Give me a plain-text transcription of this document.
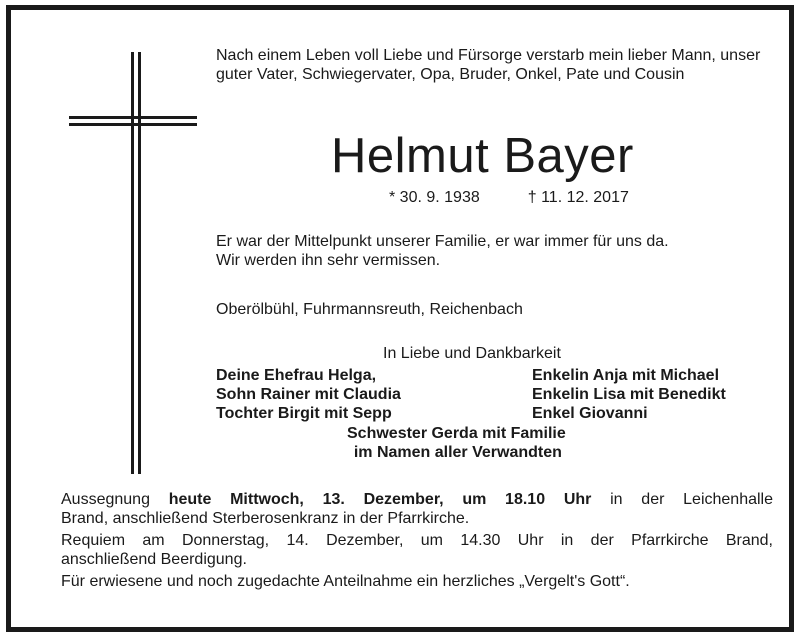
Nach einem Leben voll Liebe und Fürsorge verstarb mein lieber Mann, unser guter Vater, Schwiegervater, Opa, Bruder, Onkel, Pate und Cousin
Helmut Bayer
* 30. 9. 1938	† 11. 12. 2017
Er war der Mittelpunkt unserer Familie, er war immer für uns da.
Wir werden ihn sehr vermissen.
Oberölbühl, Fuhrmannsreuth, Reichenbach
In Liebe und Dankbarkeit
Deine Ehefrau Helga,
Sohn Rainer mit Claudia
Tochter Birgit mit Sepp
Enkelin Anja mit Michael
Enkelin Lisa mit Benedikt
Enkel Giovanni
Schwester Gerda mit Familie
im Namen aller Verwandten

Aussegnung heute Mittwoch, 13. Dezember, um 18.10 Uhr in der Leichenhalle

Brand, anschließend Sterberosenkranz in der Pfarrkirche.

Requiem am Donnerstag, 14. Dezember, um 14.30 Uhr in der Pfarrkirche Brand,

anschließend Beerdigung.

Für erwiesene und noch zugedachte Anteilnahme ein herzliches „Vergelt's Gott“.
